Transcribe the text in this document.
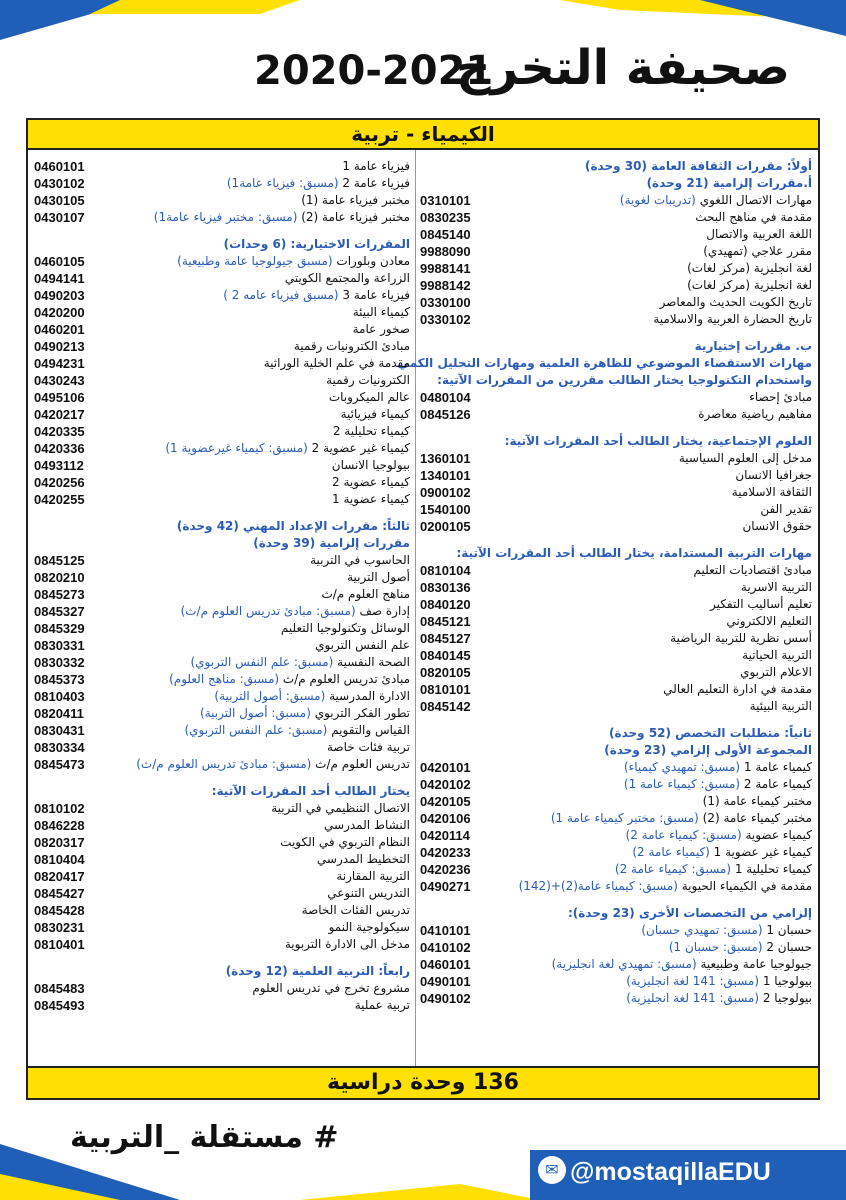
صحيفة التخرج
2020-2021
الكيمياء - تربية
أولاً: مقررات الثقافة العامة (30 وحدة)
أ.مقررات إلزامية (21 وحدة)
0310101	مهارات الاتصال اللغوي (تدريبات لغوية)
0830235	مقدمة في مناهج البحث
0845140	اللغة العربية والاتصال
9988090	مقرر علاجي (تمهيدي)
9988141	لغة انجليزية (مركز لغات)
9988142	لغة انجليزية (مركز لغات)
0330100	تاريخ الكويت الحديث والمعاصر
0330102	تاريخ الحضارة العربية والاسلامية
ب. مقررات إختيارية
مهارات الاستقصاء الموضوعي للظاهرة العلمية ومهارات التحليل الكمي
واستخدام التكنولوجيا يختار الطالب مقررين من المقررات الآتية:
0480104	مبادئ إحصاء
0845126	مفاهيم رياضية معاصرة
العلوم الإجتماعية، يختار الطالب أحد المقررات الآتية:
1360101	مدخل إلى العلوم السياسية
1340101	جغرافيا الانسان
0900102	الثقافة الاسلامية
1540100	تقدير الفن
0200105	حقوق الانسان
مهارات التربية المستدامة، يختار الطالب أحد المقررات الآتية:
0810104	مبادئ اقتصاديات التعليم
0830136	التربية الاسرية
0840120	تعليم أساليب التفكير
0845121	التعليم الالكتروني
0845127	أسس نظرية للتربية الرياضية
0840145	التربية الحياتية
0820105	الاعلام التربوي
0810101	مقدمة في ادارة التعليم العالي
0845142	التربية البيئية
ثانياً: متطلبات التخصص (52 وحدة)
المجموعة الأولى إلزامي (23 وحدة)
0420101	كيمياء عامة 1 (مسبق: تمهيدي كيمياء)
0420102	كيمياء عامة 2 (مسبق: كيمياء عامة 1)
0420105	مختبر كيمياء عامة (1)
0420106	مختبر كيمياء عامة (2) (مسبق: مختبر كيمياء عامة 1)
0420114	كيمياء عضوية (مسبق: كيمياء عامة 2)
0420233	كيمياء غير عضوية 1 (كيمياء عامة 2)
0420236	كيمياء تحليلية 1 (مسبق: كيمياء عامة 2)
0490271	مقدمة في الكيمياء الحيوية (مسبق: كيمياء عامة(2)+(142)
إلزامي من التخصصات الأخرى (23 وحدة):
0410101	حسبان 1 (مسبق: تمهيدي حسبان)
0410102	حسبان 2 (مسبق: حسبان 1)
0460101	جيولوجيا عامة وطبيعية (مسبق: تمهيدي لغة انجليزية)
0490101	بيولوجيا 1 (مسبق: 141 لغة انجليزية)
0490102	بيولوجيا 2 (مسبق: 141 لغة انجليزية)
0460101	فيزياء عامة 1
0430102	فيزياء عامة 2 (مسبق: فيزياء عامة1)
0430105	مختبر فيزياء عامة (1)
0430107	مختبر فيزياء عامة (2) (مسبق: مختبر فيزياء عامة1)
المقررات الاختيارية: (6 وحدات)
0460105	معادن وبلورات (مسبق جيولوجيا عامة وطبيعية)
0494141	الزراعة والمجتمع الكويتي
0490203	فيزياء عامة 3 (مسبق فيزياء عامه 2 )
0420200	كيمياء البيئة
0460201	صخور عامة
0490213	مبادئ الكترونيات رقمية
0494231	مقدمة في علم الخلية الوراثية
0430243	الكترونيات رقمية
0495106	عالم الميكروبات
0420217	كيمياء فيزيائية
0420335	كيمياء تحليلية 2
0420336	كيمياء غير عضوية 2 (مسبق: كيمياء غيرعضوية 1)
0493112	بيولوجيا الانسان
0420256	كيمياء عضوية 2
0420255	كيمياء عضوية 1
ثالثاً: مقررات الإعداد المهني (42 وحدة)
مقررات إلزامية (39 وحدة)
0845125	الحاسوب في التربية
0820210	أصول التربية
0845273	مناهج العلوم م/ث
0845327	إدارة صف (مسبق: مبادئ تدريس العلوم م/ث)
0845329	الوسائل وتكنولوجيا التعليم
0830331	علم النفس التربوي
0830332	الصحة النفسية (مسبق: علم النفس التربوي)
0845373	مبادئ تدريس العلوم م/ث (مسبق: مناهج العلوم)
0810403	الادارة المدرسية (مسبق: أصول التربية)
0820411	تطور الفكر التربوي (مسبق: أصول التربية)
0830431	القياس والتقويم (مسبق: علم النفس التربوي)
0830334	تربية فئات خاصة
0845473	تدريس العلوم م/ث (مسبق: مبادئ تدريس العلوم م/ث)
يختار الطالب أحد المقررات الآتية:
0810102	الاتصال التنظيمي في التربية
0846228	النشاط المدرسي
0820317	النظام التربوي في الكويت
0810404	التخطيط المدرسي
0820417	التربية المقارنة
0845427	التدريس التنوعي
0845428	تدريس الفئات الخاصة
0830231	سيكولوجية النمو
0810401	مدخل الى الادارة التربوية
رابعاً: التربية العلمية (12 وحدة)
0845483	مشروع تخرج في تدريس العلوم
0845493	تربية عملية
136 وحدة دراسية
# مستقلة _التربية
✉ @mostaqillaEDU
